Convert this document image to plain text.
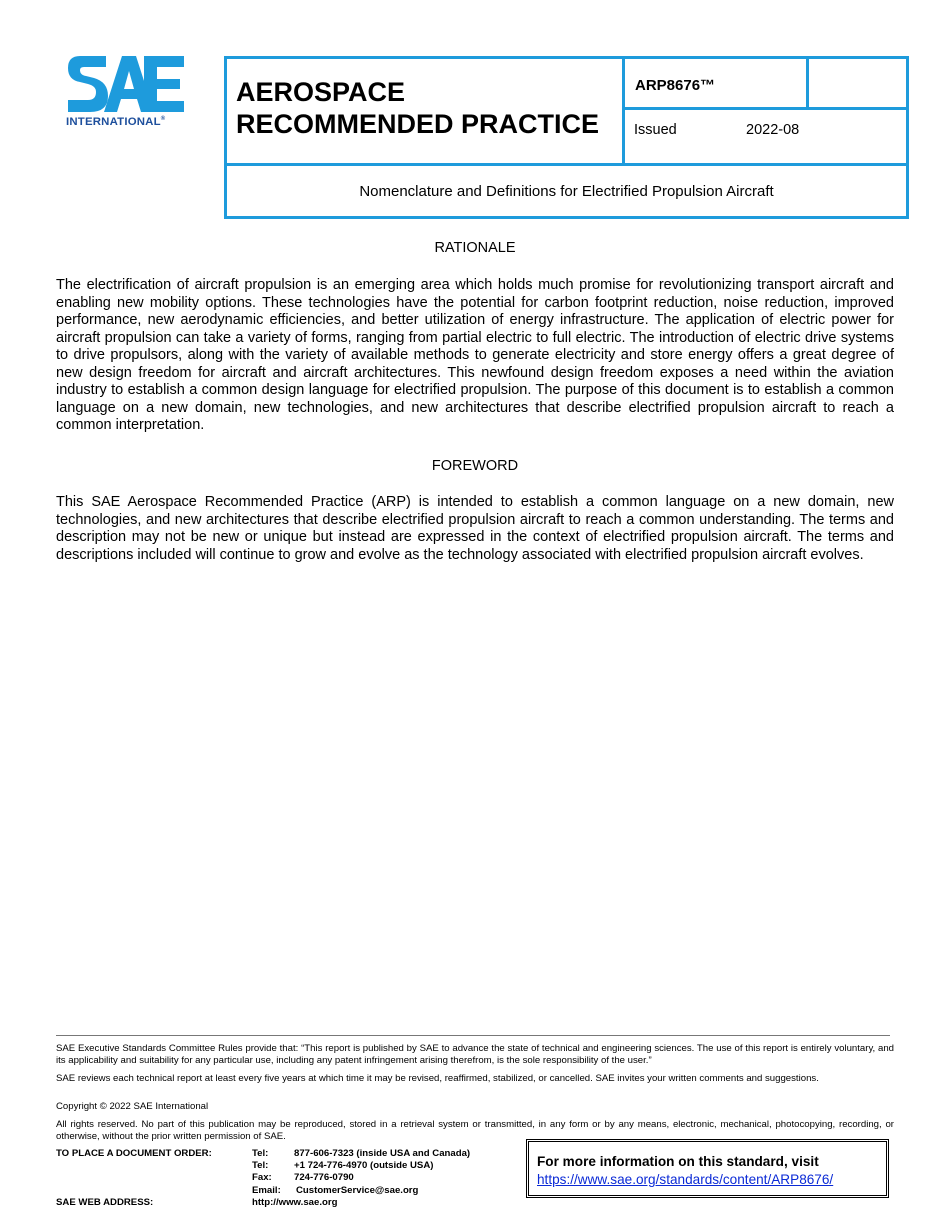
INTERNATIONAL®
AEROSPACE
RECOMMENDED PRACTICE
ARP8676™
Issued	2022-08
Nomenclature and Definitions for Electrified Propulsion Aircraft
RATIONALE
The electrification of aircraft propulsion is an emerging area which holds much promise for revolutionizing transport aircraft and enabling new mobility options. These technologies have the potential for carbon footprint reduction, noise reduction, improved performance, new aerodynamic efficiencies, and better utilization of energy infrastructure. The application of electric power for aircraft propulsion can take a variety of forms, ranging from partial electric to full electric. The introduction of electric drive systems to drive propulsors, along with the variety of available methods to generate electricity and store energy offers a great degree of new design freedom for aircraft and aircraft architectures. This newfound design freedom exposes a need within the aviation industry to establish a common design language for electrified propulsion. The purpose of this document is to establish a common language on a new domain, new technologies, and new architectures that describe electrified propulsion aircraft to reach a common interpretation.
FOREWORD
This SAE Aerospace Recommended Practice (ARP) is intended to establish a common language on a new domain, new technologies, and new architectures that describe electrified propulsion aircraft to reach a common understanding. The terms and description may not be new or unique but instead are expressed in the context of electrified propulsion aircraft. The terms and descriptions included will continue to grow and evolve as the technology associated with electrified propulsion aircraft evolves.
SAE Executive Standards Committee Rules provide that: “This report is published by SAE to advance the state of technical and engineering sciences. The use of this report is entirely voluntary, and its applicability and suitability for any particular use, including any patent infringement arising therefrom, is the sole responsibility of the user.”
SAE reviews each technical report at least every five years at which time it may be revised, reaffirmed, stabilized, or cancelled. SAE invites your written comments and suggestions.
Copyright © 2022 SAE International
All rights reserved. No part of this publication may be reproduced, stored in a retrieval system or transmitted, in any form or by any means, electronic, mechanical, photocopying, recording, or otherwise, without the prior written permission of SAE.
TO PLACE A DOCUMENT ORDER:	Tel:	877-606-7323 (inside USA and Canada)
Tel:	+1 724-776-4970 (outside USA)
Fax: 724-776-0790
Email: CustomerService@sae.org
SAE WEB ADDRESS:	http://www.sae.org
For more information on this standard, visit
https://www.sae.org/standards/content/ARP8676/
